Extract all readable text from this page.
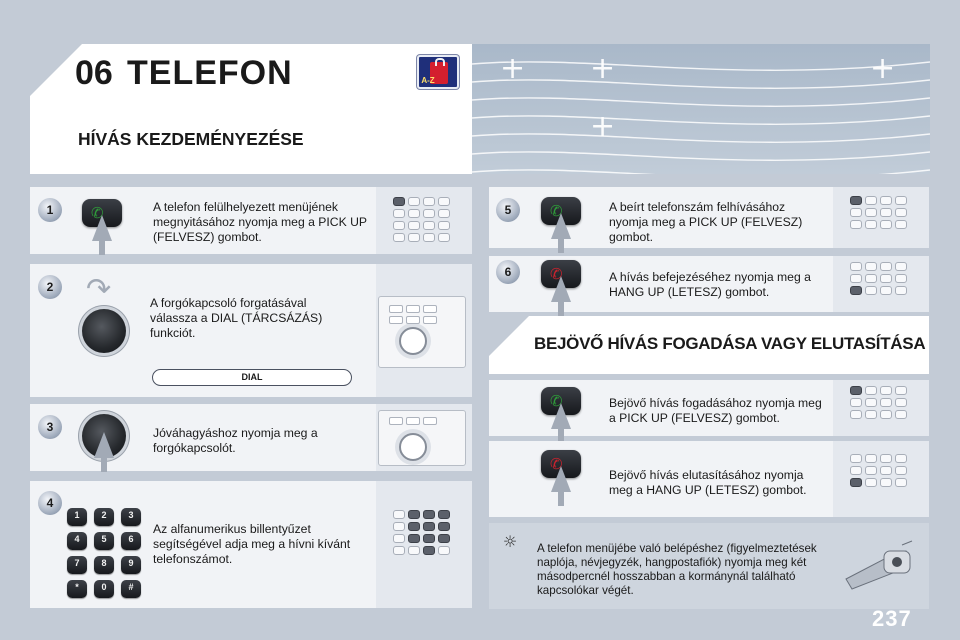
+ +	+
+
06 TELEFON	A-Z
HÍVÁS KEZDEMÉNYEZÉSE
1	✆	A telefon felülhelyezett menüjének megnyitásához nyomja meg a PICK UP (FELVESZ) gombot.
2 ↷	A forgókapcsoló forgatásával válassza a DIAL (TÁRCSÁZÁS) funkciót.
DIAL
3	Jóváhagyáshoz nyomja meg a forgókapcsolót.
4
1	2	3
4	5	6
7	8	9
*	0	#
Az alfanumerikus billentyűzet segítségével adja meg a hívni kívánt telefonszámot.
5	✆	A beírt telefonszám felhívásához nyomja meg a PICK UP (FELVESZ) gombot.
6	✆	A hívás befejezéséhez nyomja meg a HANG UP (LETESZ) gombot.
BEJÖVŐ HÍVÁS FOGADÁSA VAGY ELUTASÍTÁSA
✆	Bejövő hívás fogadásához nyomja meg a PICK UP (FELVESZ) gombot.
✆
Bejövő hívás elutasításához nyomja meg a HANG UP (LETESZ) gombot.
☼ A telefon menüjébe való belépéshez (figyelmeztetések naplója, névjegyzék, hangpostafiók) nyomja meg két másodpercnél hosszabban a kormánynál található kapcsolókar végét.
237
